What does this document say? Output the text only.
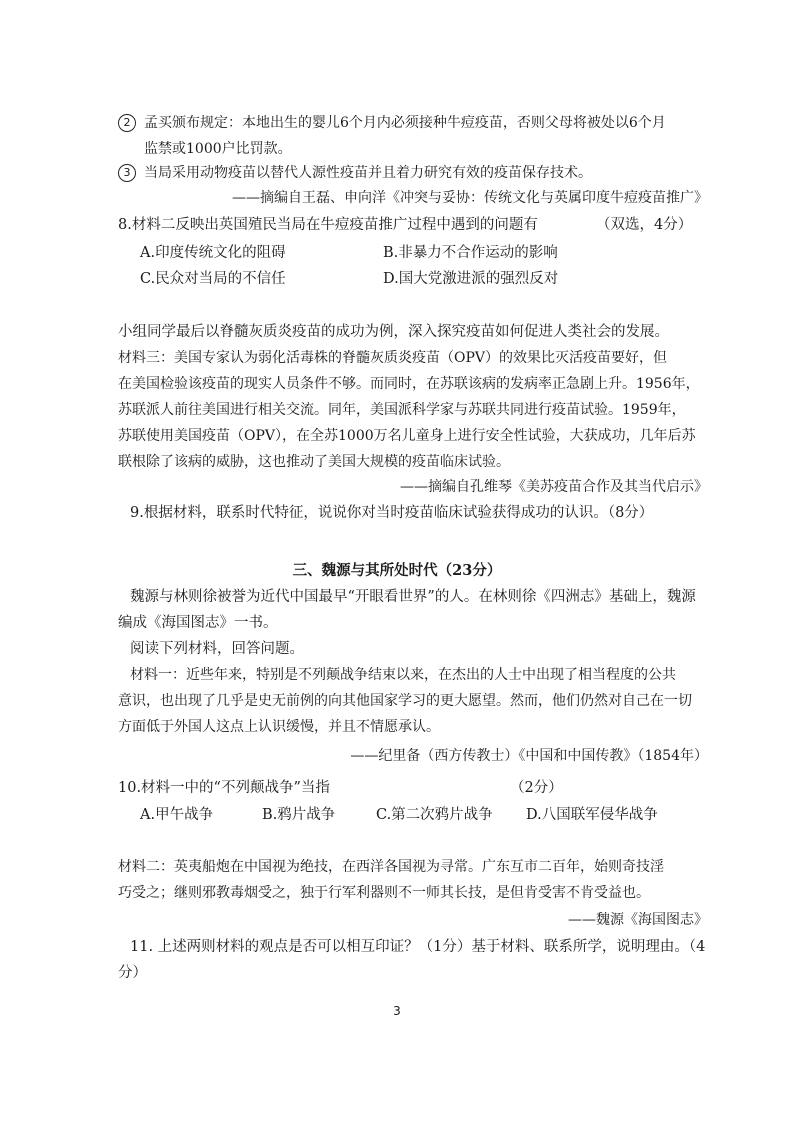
2 孟买颁布规定：本地出生的婴儿6个月内必须接种牛痘疫苗，否则父母将被处以6个月
监禁或1000户比罚款。
3 当局采用动物疫苗以替代人源性疫苗并且着力研究有效的疫苗保存技术。
——摘编自王磊、申向洋《冲突与妥协：传统文化与英属印度牛痘疫苗推广》
8.材料二反映出英国殖民当局在牛痘疫苗推广过程中遇到的问题有	（双选，4分）
A.印度传统文化的阻碍	B.非暴力不合作运动的影响
C.民众对当局的不信任	D.国大党激进派的强烈反对
小组同学最后以脊髓灰质炎疫苗的成功为例，深入探究疫苗如何促进人类社会的发展。
材料三：美国专家认为弱化活毒株的脊髓灰质炎疫苗（OPV）的效果比灭活疫苗要好，但
在美国检验该疫苗的现实人员条件不够。而同时，在苏联该病的发病率正急剧上升。1956年，
苏联派人前往美国进行相关交流。同年，美国派科学家与苏联共同进行疫苗试验。1959年，
苏联使用美国疫苗（OPV），在全苏1000万名儿童身上进行安全性试验，大获成功，几年后苏
联根除了该病的威胁，这也推动了美国大规模的疫苗临床试验。
——摘编自孔维琴《美苏疫苗合作及其当代启示》
9.根据材料，联系时代特征，说说你对当时疫苗临床试验获得成功的认识。（8分）
三、魏源与其所处时代（23分）
魏源与林则徐被誉为近代中国最早“开眼看世界”的人。在林则徐《四洲志》基础上，魏源
编成《海国图志》一书。
阅读下列材料，回答问题。
材料一：近些年来，特别是不列颠战争结束以来，在杰出的人士中出现了相当程度的公共
意识，也出现了几乎是史无前例的向其他国家学习的更大愿望。然而，他们仍然对自己在一切
方面低于外国人这点上认识缓慢，并且不情愿承认。
——纪里备（西方传教士）《中国和中国传教》（1854年）
10.材料一中的“不列颠战争”当指	（2分）
A.甲午战争	B.鸦片战争	C.第二次鸦片战争 D.八国联军侵华战争
材料二：英夷船炮在中国视为绝技，在西洋各国视为寻常。广东互市二百年，始则奇技淫
巧受之；继则邪教毒烟受之，独于行军利器则不一师其长技，是但肯受害不肯受益也。
——魏源《海国图志》
11. 上述两则材料的观点是否可以相互印证？（1分）基于材料、联系所学，说明理由。（4
分）
3
